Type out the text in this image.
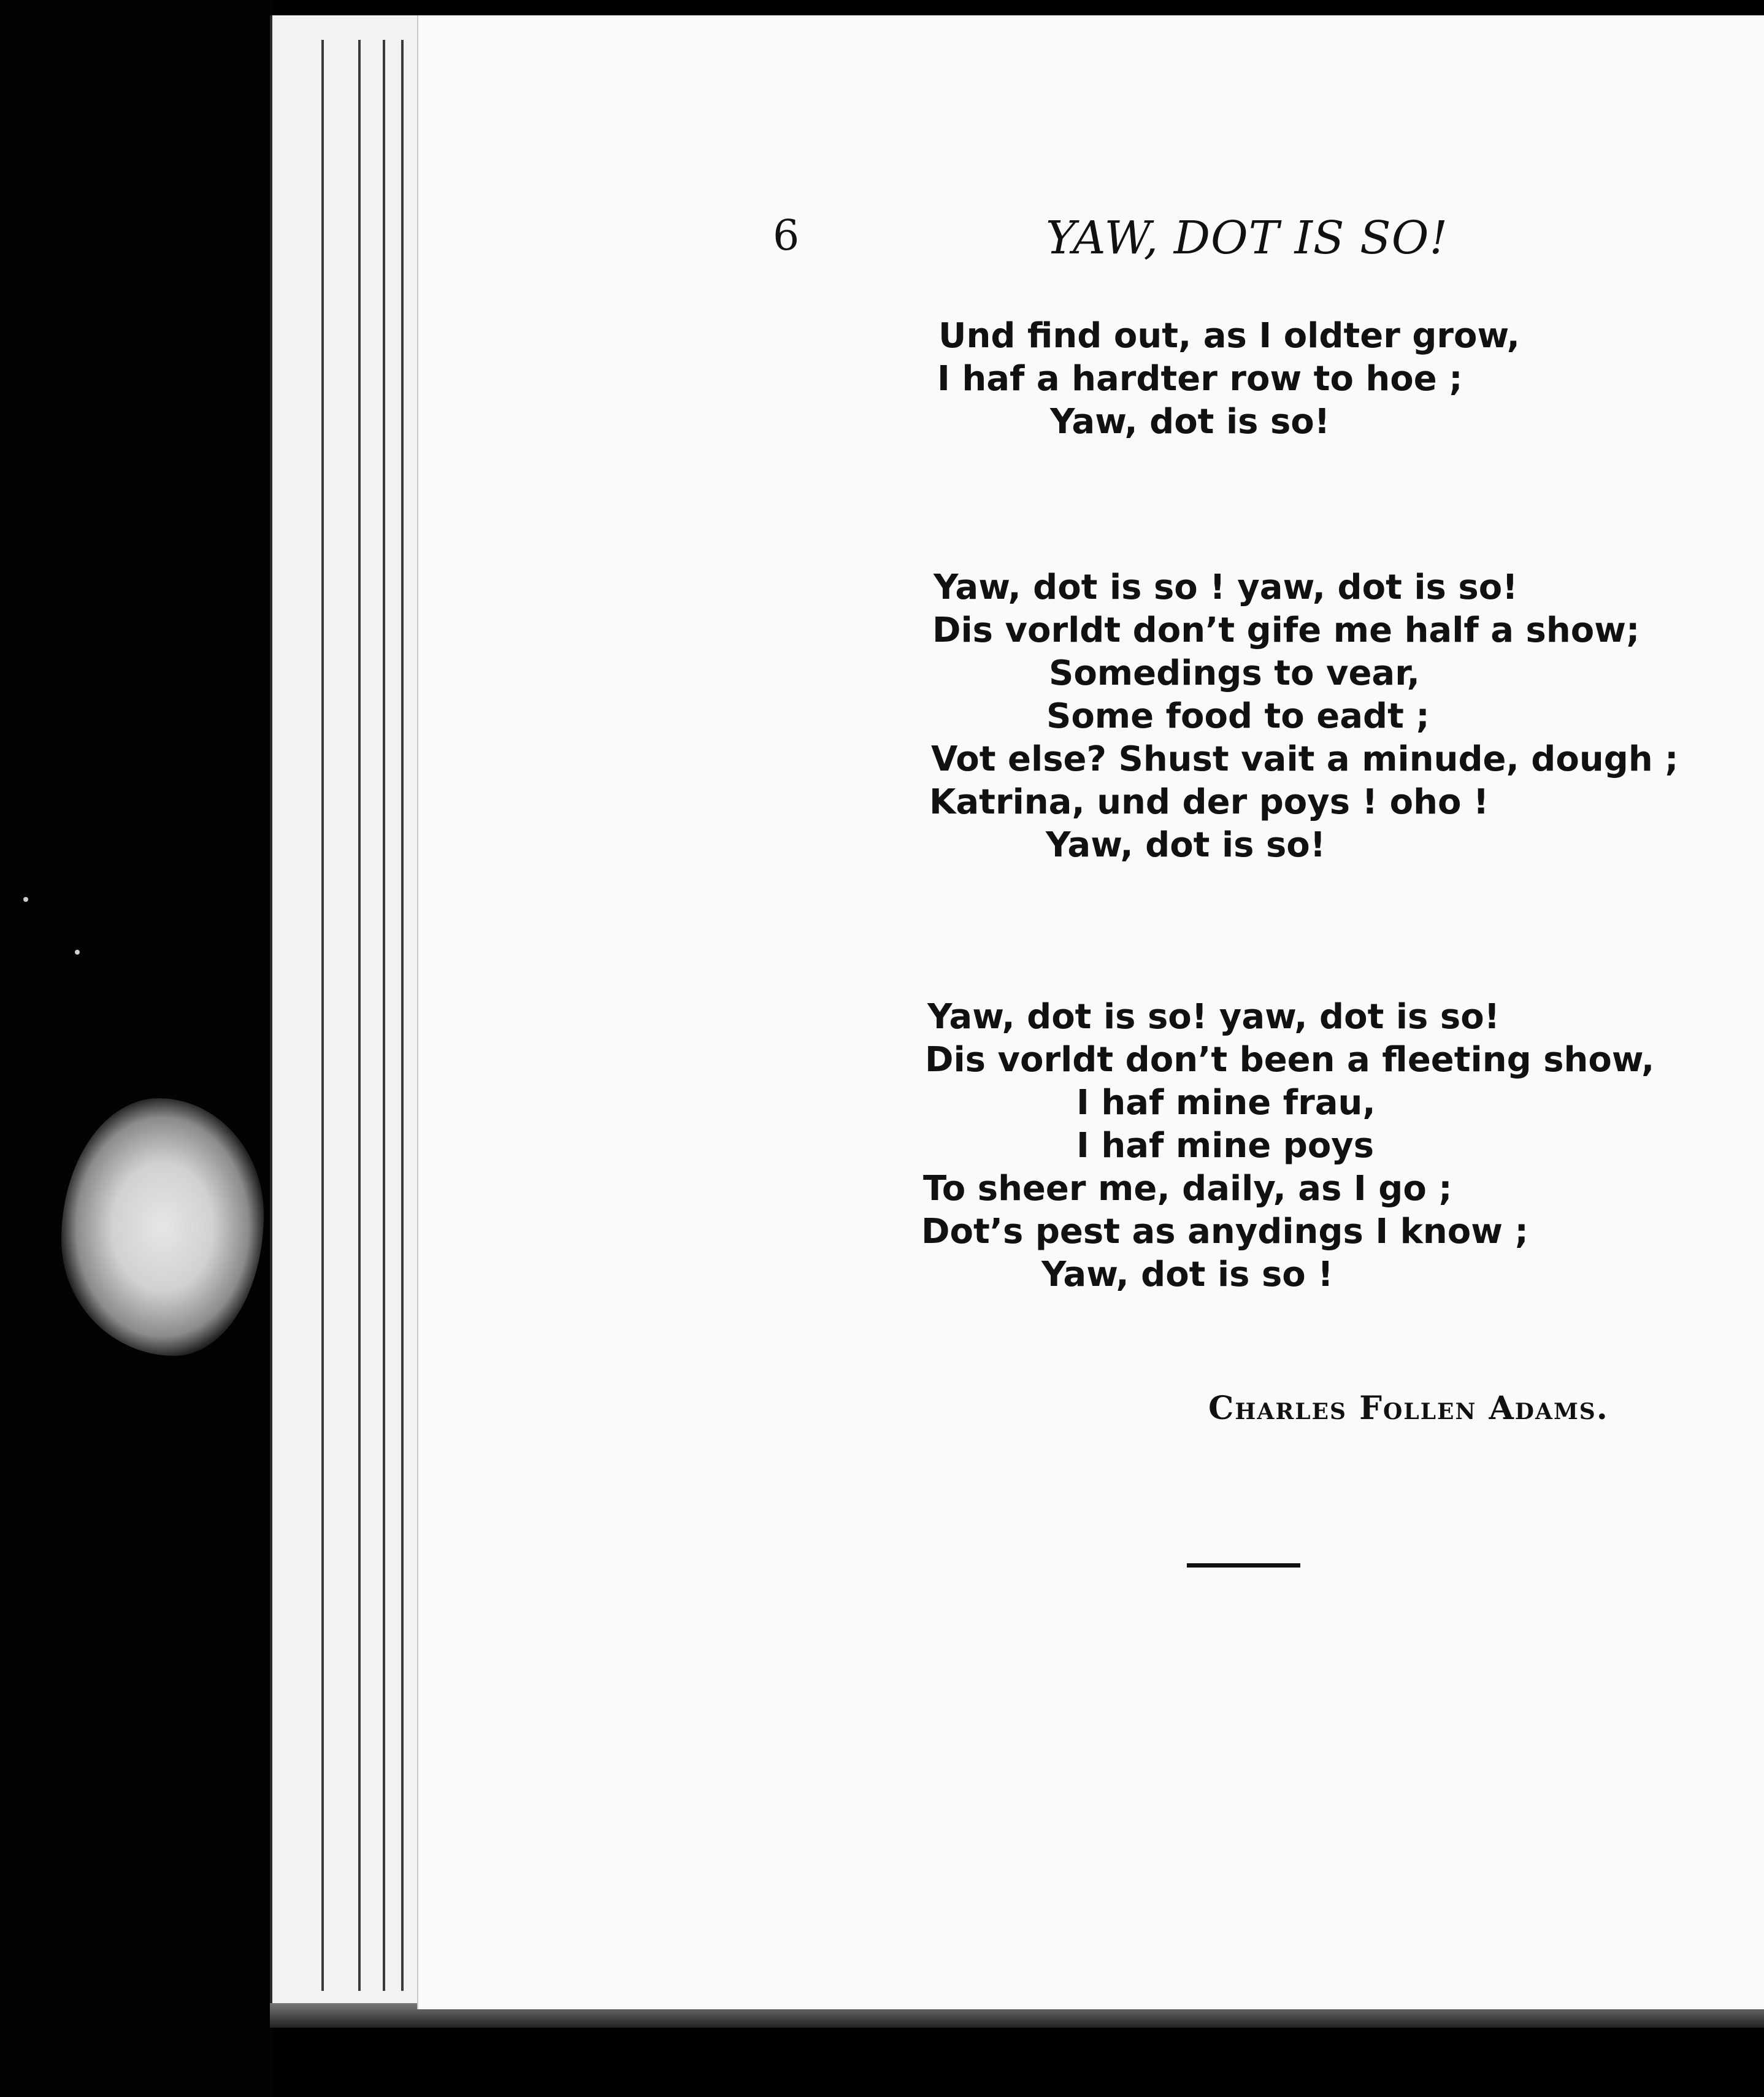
6	YAW, DOT IS SO!
Und find out, as I oldter grow,
I haf a hardter row to hoe ;
Yaw, dot is so!
Yaw, dot is so ! yaw, dot is so!
Dis vorldt don’t gife me half a show;
Somedings to vear,
Some food to eadt ;
Vot else? Shust vait a minude, dough ;
Katrina, und der poys ! oho !
Yaw, dot is so!
Yaw, dot is so! yaw, dot is so!
Dis vorldt don’t been a fleeting show,
I haf mine frau,
I haf mine poys
To sheer me, daily, as I go ;
Dot’s pest as anydings I know ;
Yaw, dot is so !
Charles Follen Adams.
